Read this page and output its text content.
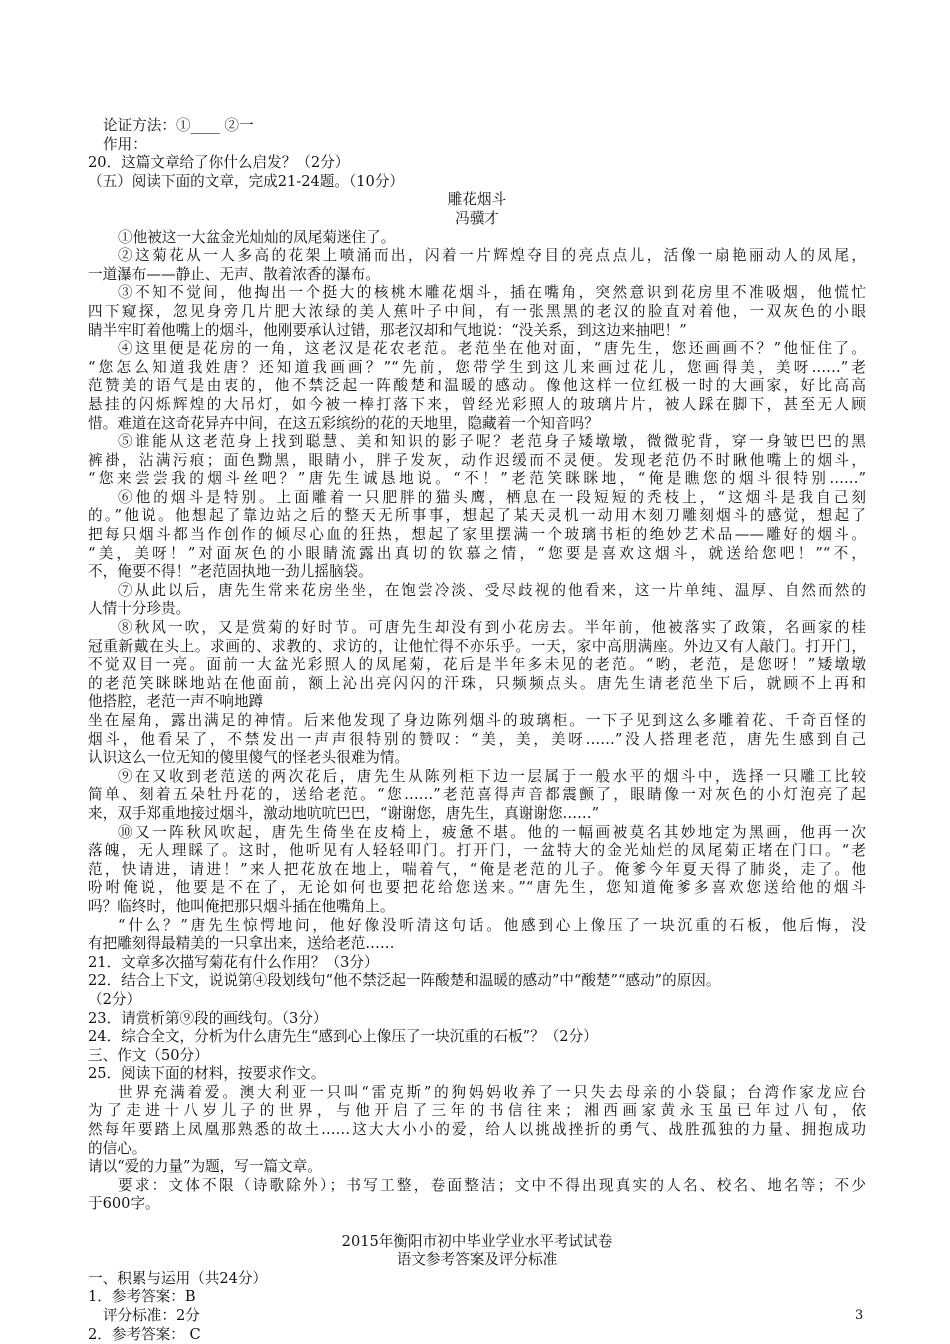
论证方法：①____ ②一
作用：
20．这篇文章给了你什么启发？（2分）
（五）阅读下面的文章，完成21-24题。（10分）
雕花烟斗
冯骥才
①他被这一大盆金光灿灿的凤尾菊迷住了。
②这菊花从一人多高的花架上喷涌而出，闪着一片辉煌夺目的亮点点儿，活像一扇艳丽动人的凤尾，
一道瀑布——静止、无声、散着浓香的瀑布。
③不知不觉间，他掏出一个挺大的核桃木雕花烟斗，插在嘴角，突然意识到花房里不准吸烟，他慌忙
四下窥探，忽见身旁几片肥大浓绿的美人蕉叶子中间，有一张黑黑的老汉的脸直对着他，一双灰色的小眼
睛半牢盯着他嘴上的烟斗，他刚要承认过错，那老汉却和气地说：“没关系，到这边来抽吧！”
④这里便是花房的一角，这老汉是花农老范。老范坐在他对面，“唐先生，您还画画不？”他怔住了。
“您怎么知道我姓唐？还知道我画画？”“先前，您带学生到这儿来画过花儿，您画得美，美呀……”老
范赞美的语气是由衷的，他不禁泛起一阵酸楚和温暖的感动。像他这样一位红极一时的大画家，好比高高
悬挂的闪烁辉煌的大吊灯，如今被一棒打落下来，曾经光彩照人的玻璃片片，被人踩在脚下，甚至无人顾
惜。难道在这奇花异卉中间，在这五彩缤纷的花的天地里，隐藏着一个知音吗？
⑤谁能从这老范身上找到聪慧、美和知识的影子呢？老范身子矮墩墩，微微驼背，穿一身皱巴巴的黑
裤褂，沾满污痕；面色黝黑，眼睛小，胖子发灰，动作迟缓而不灵便。发现老范仍不时瞅他嘴上的烟斗，
“您来尝尝我的烟斗丝吧？”唐先生诚恳地说。“不！”老范笑眯眯地，“俺是瞧您的烟斗很特别……”
⑥他的烟斗是特别。上面雕着一只肥胖的猫头鹰，栖息在一段短短的秃枝上，“这烟斗是我自己刻
的。”他说。他想起了靠边站之后的整天无所事事，想起了某天灵机一动用木刻刀雕刻烟斗的感觉，想起了
把每只烟斗都当作创作的倾尽心血的狂热，想起了家里摆满一个玻璃书柜的绝妙艺术品——雕好的烟斗。
“美，美呀！”对面灰色的小眼睛流露出真切的钦慕之情，“您要是喜欢这烟斗，就送给您吧！”“不，
不，俺要不得！”老范固执地一劲儿摇脑袋。
⑦从此以后，唐先生常来花房坐坐，在饱尝冷淡、受尽歧视的他看来，这一片单纯、温厚、自然而然的
人情十分珍贵。
⑧秋风一吹，又是赏菊的好时节。可唐先生却没有到小花房去。半年前，他被落实了政策，名画家的桂
冠重新戴在头上。求画的、求教的、求访的，让他忙得不亦乐乎。一天，家中高朋满座。外边又有人敲门。打开门，
不觉双目一亮。面前一大盆光彩照人的凤尾菊，花后是半年多未见的老范。“哟，老范，是您呀！”矮墩墩
的老范笑眯眯地站在他面前，额上沁出亮闪闪的汗珠，只频频点头。唐先生请老范坐下后，就顾不上再和
他搭腔，老范一声不响地蹲
坐在屋角，露出满足的神情。后来他发现了身边陈列烟斗的玻璃柜。一下子见到这么多雕着花、千奇百怪的
烟斗，他看呆了，不禁发出一声声很特别的赞叹：“美，美，美呀……”没人搭理老范，唐先生感到自己
认识这么一位无知的傻里傻气的怪老头很难为情。
⑨在又收到老范送的两次花后，唐先生从陈列柜下边一层属于一般水平的烟斗中，选择一只雕工比较
简单、刻着五朵牡丹花的，送给老范。“您……”老范喜得声音都震颤了，眼睛像一对灰色的小灯泡亮了起
来，双手郑重地接过烟斗，激动地吭吭巴巴，“谢谢您，唐先生，真谢谢您……”
⑩又一阵秋风吹起，唐先生倚坐在皮椅上，疲惫不堪。他的一幅画被莫名其妙地定为黑画，他再一次
落魄，无人理睬了。这时，他听见有人轻轻叩门。打开门，一盆特大的金光灿烂的凤尾菊正堵在门口。“老
范，快请进，请进！”来人把花放在地上，喘着气，“俺是老范的儿子。俺爹今年夏天得了肺炎，走了。他
吩咐俺说，他要是不在了，无论如何也要把花给您送来。”“唐先生，您知道俺爹多喜欢您送给他的烟斗
吗？临终时，他叫俺把那只烟斗插在他嘴角上。
“什么？”唐先生惊愕地问，他好像没听清这句话。他感到心上像压了一块沉重的石板，他后悔，没
有把雕刻得最精美的一只拿出来，送给老范……
21．文章多次描写菊花有什么作用？（3分）
22．结合上下文，说说第④段划线句“他不禁泛起一阵酸楚和温暖的感动”中“酸楚”“感动”的原因。
（2分）
23．请赏析第⑨段的画线句。（3分）
24．综合全文，分析为什么唐先生“感到心上像压了一块沉重的石板”？（2分）
三、作文（50分）
25．阅读下面的材料，按要求作文。
世界充满着爱。澳大利亚一只叫“雷克斯”的狗妈妈收养了一只失去母亲的小袋鼠；台湾作家龙应台
为了走进十八岁儿子的世界，与他开启了三年的书信往来；湘西画家黄永玉虽已年过八旬，依
然每年要踏上凤凰那熟悉的故土……这大大小小的爱，给人以挑战挫折的勇气、战胜孤独的力量、拥抱成功
的信心。
请以“爱的力量”为题，写一篇文章。
要求：文体不限（诗歌除外）；书写工整，卷面整洁；文中不得出现真实的人名、校名、地名等；不少
于600字。
2015年衡阳市初中毕业学业水平考试试卷
语文参考答案及评分标准
一、积累与运用（共24分）
1．参考答案：B
评分标准：2分
2．参考答案： C
3
